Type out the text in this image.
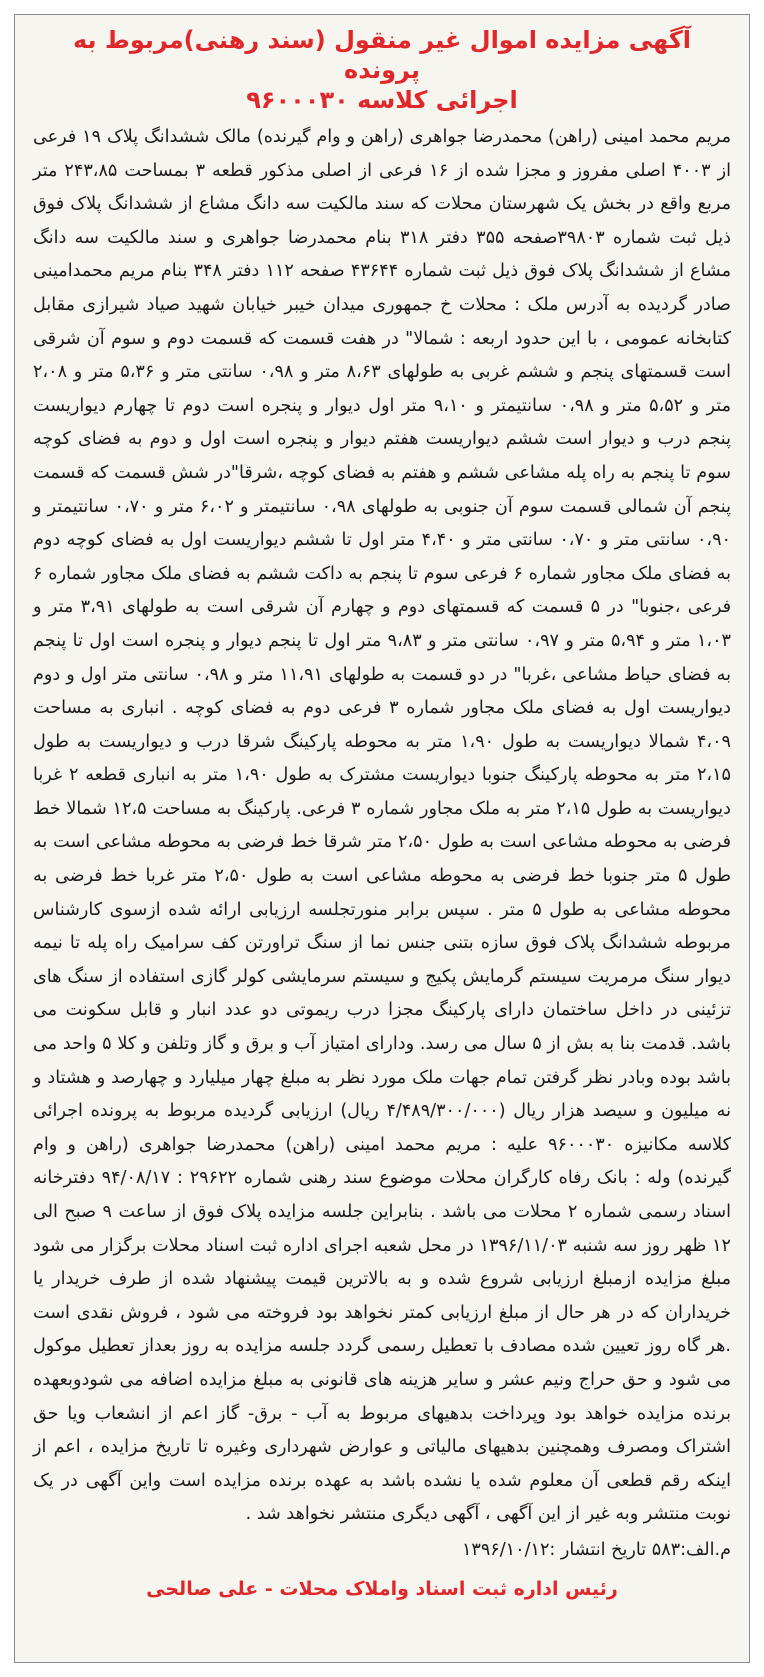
آگهی مزایده اموال غیر منقول (سند رهنی)مربوط به پرونده
اجرائی کلاسه ۹۶۰۰۰۳۰

مریم محمد امینی (راهن) محمدرضا جواهری (راهن و وام گیرنده) مالک ششدانگ پلاک ۱۹ فرعی از ۴۰۰۳ اصلی مفروز و مجزا شده از ۱۶ فرعی از اصلی مذکور قطعه ۳ بمساحت ۲۴۳،۸۵ متر مربع واقع در بخش یک شهرستان محلات که سند مالکیت سه دانگ مشاع از ششدانگ پلاک فوق ذیل ثبت شماره ۳۹۸۰۳صفحه ۳۵۵ دفتر ۳۱۸ بنام محمدرضا جواهری و سند مالکیت سه دانگ مشاع از ششدانگ پلاک فوق ذیل ثبت شماره ۴۳۶۴۴ صفحه ۱۱۲ دفتر ۳۴۸ بنام مریم محمدامینی صادر گردیده به آدرس ملک : محلات خ جمهوری میدان خیبر خیابان شهید صیاد شیرازی مقابل کتابخانه عمومی ، با این حدود اربعه : شمالا" در هفت قسمت که قسمت دوم و سوم آن شرقی است قسمتهای پنجم و ششم غربی به طولهای ۸،۶۳ متر و ۰،۹۸ سانتی متر و ۵،۳۶ متر و ۲،۰۸ متر و ۵،۵۲ متر و ۰،۹۸ سانتیمتر و ۹،۱۰ متر اول دیوار و پنجره است دوم تا چهارم دیواریست پنجم درب و دیوار است ششم دیواریست هفتم دیوار و پنجره است اول و دوم به فضای کوچه سوم تا پنجم به راه پله مشاعی ششم و هفتم به فضای کوچه ،شرقا"در شش قسمت که قسمت پنجم آن شمالی قسمت سوم آن جنوبی به طولهای ۰،۹۸ سانتیمتر و ۶،۰۲ متر و ۰،۷۰ سانتیمتر و ۰،۹۰ سانتی متر و ۰،۷۰ سانتی متر و ۴،۴۰ متر اول تا ششم دیواریست اول به فضای کوچه دوم به فضای ملک مجاور شماره ۶ فرعی سوم تا پنجم به داکت ششم به فضای ملک مجاور شماره ۶ فرعی ،جنوبا" در ۵ قسمت که قسمتهای دوم و چهارم آن شرقی است به طولهای ۳،۹۱ متر و ۱،۰۳ متر و ۵،۹۴ متر و ۰،۹۷ سانتی متر و ۹،۸۳ متر اول تا پنجم دیوار و پنجره است اول تا پنجم به فضای حیاط مشاعی ،غربا" در دو قسمت به طولهای ۱۱،۹۱ متر و ۰،۹۸ سانتی متر اول و دوم دیواریست اول به فضای ملک مجاور شماره ۳ فرعی دوم به فضای کوچه . انباری به مساحت ۴،۰۹ شمالا دیواریست به طول ۱،۹۰ متر به محوطه پارکینگ شرقا درب و دیواریست به طول ۲،۱۵ متر به محوطه پارکینگ جنوبا دیواریست مشترک به طول ۱،۹۰ متر به انباری قطعه ۲ غربا دیواریست به طول ۲،۱۵ متر به ملک مجاور شماره ۳ فرعی. پارکینگ به مساحت ۱۲،۵ شمالا خط فرضی به محوطه مشاعی است به طول ۲،۵۰ متر شرقا خط فرضی به محوطه مشاعی است به طول ۵ متر جنوبا خط فرضی به محوطه مشاعی است به طول ۲،۵۰ متر غربا خط فرضی به محوطه مشاعی به طول ۵ متر . سپس برابر منورتجلسه ارزیابی ارائه شده ازسوی کارشناس مربوطه ششدانگ پلاک فوق سازه بتنی جنس نما از سنگ تراورتن کف سرامیک راه پله تا نیمه دیوار سنگ مرمریت سیستم گرمایش پکیج و سیستم سرمایشی کولر گازی استفاده از سنگ های تزئینی در داخل ساختمان دارای پارکینگ مجزا درب ریموتی دو عدد انبار و قابل سکونت می باشد. قدمت بنا به بش از ۵ سال می رسد. ودارای امتیاز آب و برق و گاز وتلفن و کلا ۵ واحد می باشد بوده وبادر نظر گرفتن تمام جهات ملک مورد نظر به مبلغ چهار میلیارد و چهارصد و هشتاد و نه میلیون و سیصد هزار ریال (۴/۴۸۹/۳۰۰/۰۰۰ ریال) ارزیابی گردیده مربوط به پرونده اجرائی کلاسه مکانیزه ۹۶۰۰۰۳۰ علیه : مریم محمد امینی (راهن) محمدرضا جواهری (راهن و وام گیرنده) وله : بانک رفاه کارگران محلات موضوع سند رهنی شماره ۲۹۶۲۲ : ۹۴/۰۸/۱۷ دفترخانه اسناد رسمی شماره ۲ محلات می باشد . بنابراین جلسه مزایده پلاک فوق از ساعت ۹ صبح الی ۱۲ ظهر روز سه شنبه ۱۳۹۶/۱۱/۰۳ در محل شعبه اجرای اداره ثبت اسناد محلات برگزار می شود مبلغ مزایده ازمبلغ ارزیابی شروع شده و به بالاترین قیمت پیشنهاد شده از طرف خریدار یا خریداران که در هر حال از مبلغ ارزیابی کمتر نخواهد بود فروخته می شود ، فروش نقدی است .هر گاه روز تعیین شده مصادف با تعطیل رسمی گردد جلسه مزایده به روز بعداز تعطیل موکول می شود و حق حراج ونیم عشر و سایر هزینه های قانونی به مبلغ مزایده اضافه می شودوبعهده برنده مزایده خواهد بود وپرداخت بدهیهای مربوط به آب - برق- گاز اعم از انشعاب ویا حق اشتراک ومصرف وهمچنین بدهیهای مالیاتی و عوارض شهرداری وغیره تا تاریخ مزایده ، اعم از اینکه رقم قطعی آن معلوم شده یا نشده باشد به عهده برنده مزایده است واین آگهی در یک نوبت منتشر وبه غیر از این آگهی ، آگهی دیگری منتشر نخواهد شد .

م.الف:۵۸۳ تاریخ انتشار :۱۳۹۶/۱۰/۱۲

رئیس اداره ثبت اسناد واملاک محلات - علی صالحی
